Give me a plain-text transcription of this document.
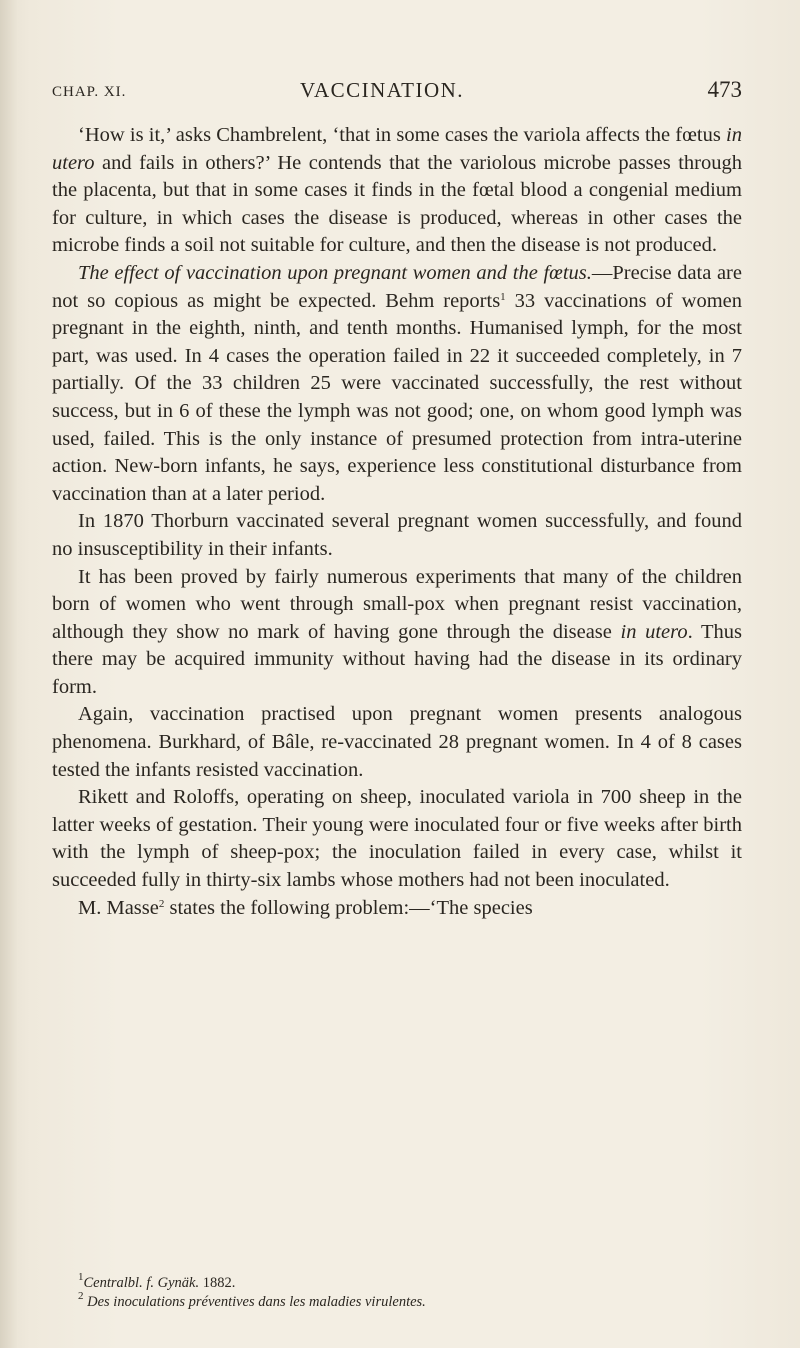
CHAP. XI.	VACCINATION.	473

‘How is it,’ asks Chambrelent, ‘that in some cases the variola affects the fœtus in utero and fails in others?’ He contends that the variolous microbe passes through the placenta, but that in some cases it finds in the fœtal blood a congenial medium for culture, in which cases the disease is produced, whereas in other cases the microbe finds a soil not suitable for culture, and then the disease is not produced.

The effect of vaccination upon pregnant women and the fœtus.—Precise data are not so copious as might be expected. Behm reports$^1$ 33 vaccinations of women pregnant in the eighth, ninth, and tenth months. Humanised lymph, for the most part, was used. In 4 cases the operation failed in 22 it succeeded completely, in 7 partially. Of the 33 children 25 were vaccinated successfully, the rest without success, but in 6 of these the lymph was not good; one, on whom good lymph was used, failed. This is the only instance of presumed protection from intra-uterine action. New-born infants, he says, experience less constitutional disturbance from vaccination than at a later period.

In 1870 Thorburn vaccinated several pregnant women successfully, and found no insusceptibility in their infants.

It has been proved by fairly numerous experiments that many of the children born of women who went through small-pox when pregnant resist vaccination, although they show no mark of having gone through the disease in utero. Thus there may be acquired immunity without having had the disease in its ordinary form.

Again, vaccination practised upon pregnant women presents analogous phenomena. Burkhard, of Bâle, re-vaccinated 28 pregnant women. In 4 of 8 cases tested the infants resisted vaccination.

Rikett and Roloffs, operating on sheep, inoculated variola in 700 sheep in the latter weeks of gestation. Their young were inoculated four or five weeks after birth with the lymph of sheep-pox; the inoculation failed in every case, whilst it succeeded fully in thirty-six lambs whose mothers had not been inoculated.

M. Masse$^2$ states the following problem:—‘The species

$^1$Centralbl. f. Gynäk. 1882.

$^2$ Des inoculations préventives dans les maladies virulentes.
